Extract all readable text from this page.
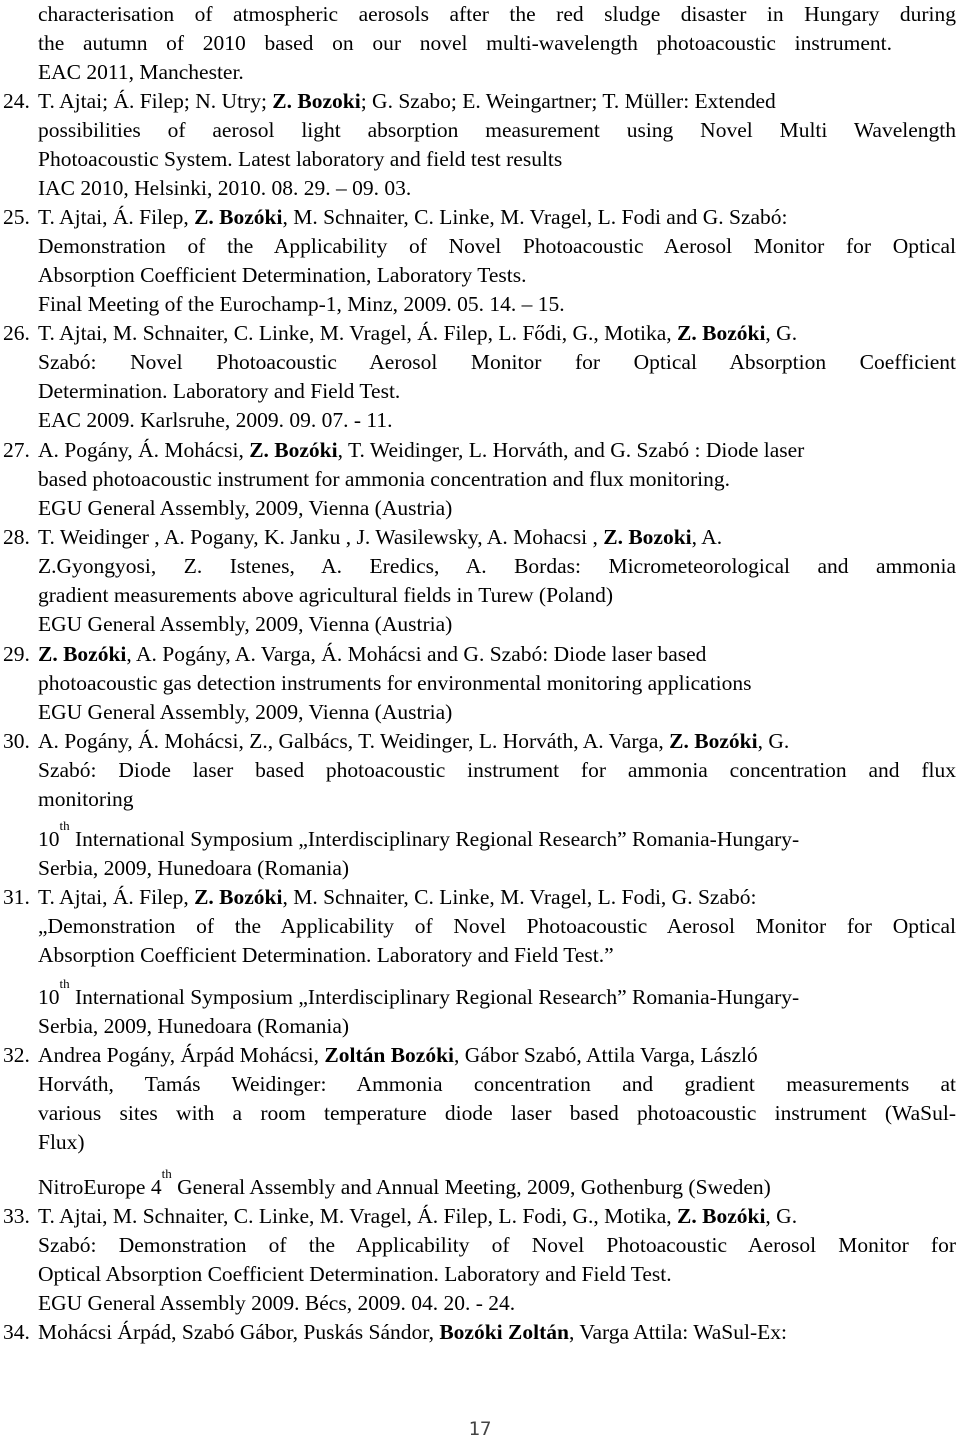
characterisation of atmospheric aerosols after the red sludge disaster in Hungary during
the autumn of 2010 based on our novel multi-wavelength photoacoustic instrument.
EAC 2011, Manchester.
24. T. Ajtai; Á. Filep; N. Utry; Z. Bozoki; G. Szabo; E. Weingartner; T. Müller: Extended
possibilities of aerosol light absorption measurement using Novel Multi Wavelength
Photoacoustic System. Latest laboratory and field test results
IAC 2010, Helsinki, 2010. 08. 29. – 09. 03.
25. T. Ajtai, Á. Filep, Z. Bozóki, M. Schnaiter, C. Linke, M. Vragel, L. Fodi and G. Szabó:
Demonstration of the Applicability of Novel Photoacoustic Aerosol Monitor for Optical
Absorption Coefficient Determination, Laboratory Tests.
Final Meeting of the Eurochamp-1, Minz, 2009. 05. 14. – 15.
26. T. Ajtai, M. Schnaiter, C. Linke, M. Vragel, Á. Filep, L. Fődi, G., Motika, Z. Bozóki, G.
Szabó: Novel Photoacoustic Aerosol Monitor for Optical Absorption Coefficient
Determination. Laboratory and Field Test.
EAC 2009. Karlsruhe, 2009. 09. 07. - 11.
27. A. Pogány, Á. Mohácsi, Z. Bozóki, T. Weidinger, L. Horváth, and G. Szabó : Diode laser
based photoacoustic instrument for ammonia concentration and flux monitoring.
EGU General Assembly, 2009, Vienna (Austria)
28. T. Weidinger , A. Pogany, K. Janku , J. Wasilewsky, A. Mohacsi , Z. Bozoki, A.
Z.Gyongyosi, Z. Istenes, A. Eredics, A. Bordas: Micrometeorological and ammonia
gradient measurements above agricultural fields in Turew (Poland)
EGU General Assembly, 2009, Vienna (Austria)
29. Z. Bozóki, A. Pogány, A. Varga, Á. Mohácsi and G. Szabó: Diode laser based
photoacoustic gas detection instruments for environmental monitoring applications
EGU General Assembly, 2009, Vienna (Austria)
30. A. Pogány, Á. Mohácsi, Z., Galbács, T. Weidinger, L. Horváth, A. Varga, Z. Bozóki, G.
Szabó: Diode laser based photoacoustic instrument for ammonia concentration and flux
monitoring
10th International Symposium „Interdisciplinary Regional Research” Romania-Hungary-
Serbia, 2009, Hunedoara (Romania)
31. T. Ajtai, Á. Filep, Z. Bozóki, M. Schnaiter, C. Linke, M. Vragel, L. Fodi, G. Szabó:
„Demonstration of the Applicability of Novel Photoacoustic Aerosol Monitor for Optical
Absorption Coefficient Determination. Laboratory and Field Test.”
10th International Symposium „Interdisciplinary Regional Research” Romania-Hungary-
Serbia, 2009, Hunedoara (Romania)
32. Andrea Pogány, Árpád Mohácsi, Zoltán Bozóki, Gábor Szabó, Attila Varga, László
Horváth, Tamás Weidinger: Ammonia concentration and gradient measurements at
various sites with a room temperature diode laser based photoacoustic instrument (WaSul-
Flux)
NitroEurope 4th General Assembly and Annual Meeting, 2009, Gothenburg (Sweden)
33. T. Ajtai, M. Schnaiter, C. Linke, M. Vragel, Á. Filep, L. Fodi, G., Motika, Z. Bozóki, G.
Szabó: Demonstration of the Applicability of Novel Photoacoustic Aerosol Monitor for
Optical Absorption Coefficient Determination. Laboratory and Field Test.
EGU General Assembly 2009. Bécs, 2009. 04. 20. - 24.
34. Mohácsi Árpád, Szabó Gábor, Puskás Sándor, Bozóki Zoltán, Varga Attila: WaSul-Ex:
17
